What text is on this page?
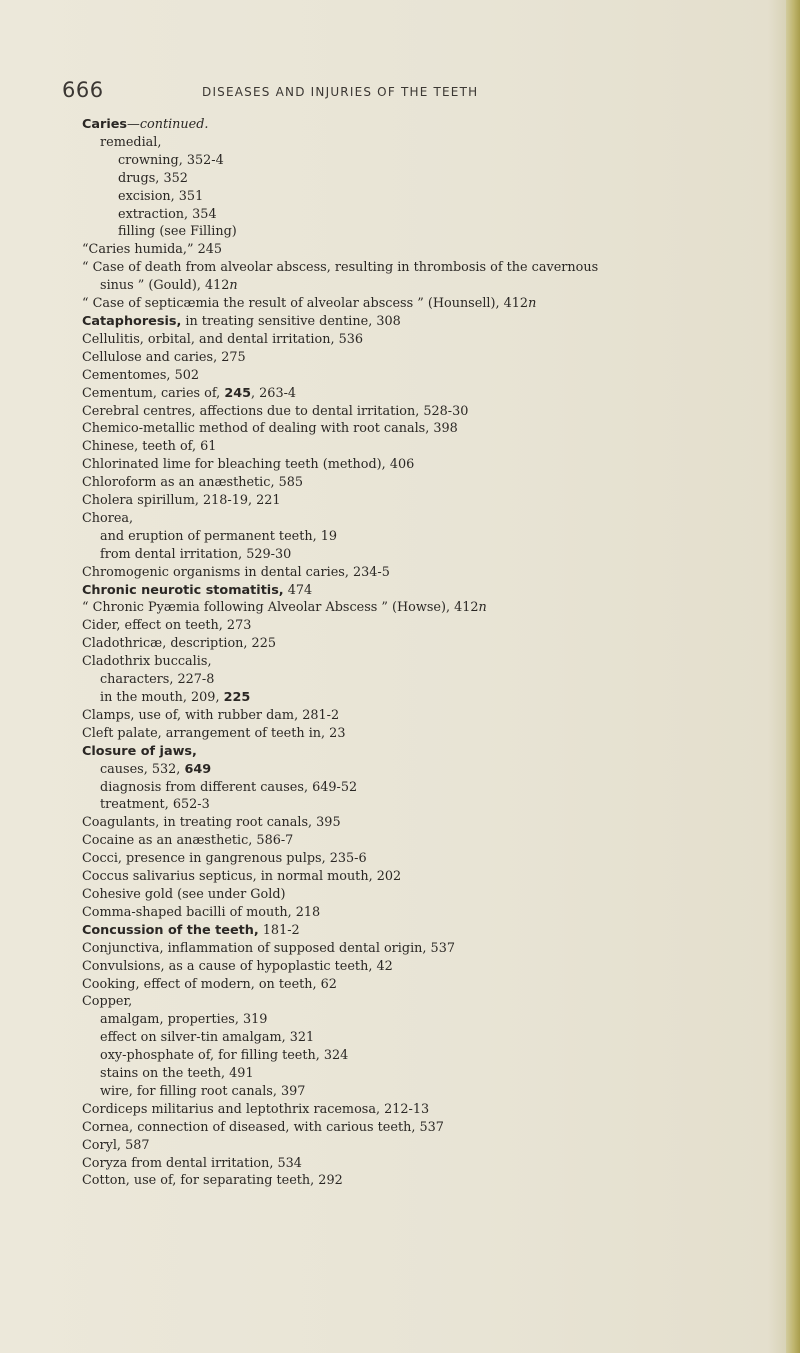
666	DISEASES AND INJURIES OF THE TEETH
Caries—continued.
remedial,
crowning, 352-4
drugs, 352
excision, 351
extraction, 354
filling (see Filling)
“Caries humida,” 245
“ Case of death from alveolar abscess, resulting in thrombosis of the cavernous
sinus ” (Gould), 412n
“ Case of septicæmia the result of alveolar abscess ” (Hounsell), 412n
Cataphoresis, in treating sensitive dentine, 308
Cellulitis, orbital, and dental irritation, 536
Cellulose and caries, 275
Cementomes, 502
Cementum, caries of, 245, 263-4
Cerebral centres, affections due to dental irritation, 528-30
Chemico-metallic method of dealing with root canals, 398
Chinese, teeth of, 61
Chlorinated lime for bleaching teeth (method), 406
Chloroform as an anæsthetic, 585
Cholera spirillum, 218-19, 221
Chorea,
and eruption of permanent teeth, 19
from dental irritation, 529-30
Chromogenic organisms in dental caries, 234-5
Chronic neurotic stomatitis, 474
“ Chronic Pyæmia following Alveolar Abscess ” (Howse), 412n
Cider, effect on teeth, 273
Cladothricæ, description, 225
Cladothrix buccalis,
characters, 227-8
in the mouth, 209, 225
Clamps, use of, with rubber dam, 281-2
Cleft palate, arrangement of teeth in, 23
Closure of jaws,
causes, 532, 649
diagnosis from different causes, 649-52
treatment, 652-3
Coagulants, in treating root canals, 395
Cocaine as an anæsthetic, 586-7
Cocci, presence in gangrenous pulps, 235-6
Coccus salivarius septicus, in normal mouth, 202
Cohesive gold (see under Gold)
Comma-shaped bacilli of mouth, 218
Concussion of the teeth, 181-2
Conjunctiva, inflammation of supposed dental origin, 537
Convulsions, as a cause of hypoplastic teeth, 42
Cooking, effect of modern, on teeth, 62
Copper,
amalgam, properties, 319
effect on silver-tin amalgam, 321
oxy-phosphate of, for filling teeth, 324
stains on the teeth, 491
wire, for filling root canals, 397
Cordiceps militarius and leptothrix racemosa, 212-13
Cornea, connection of diseased, with carious teeth, 537
Coryl, 587
Coryza from dental irritation, 534
Cotton, use of, for separating teeth, 292
